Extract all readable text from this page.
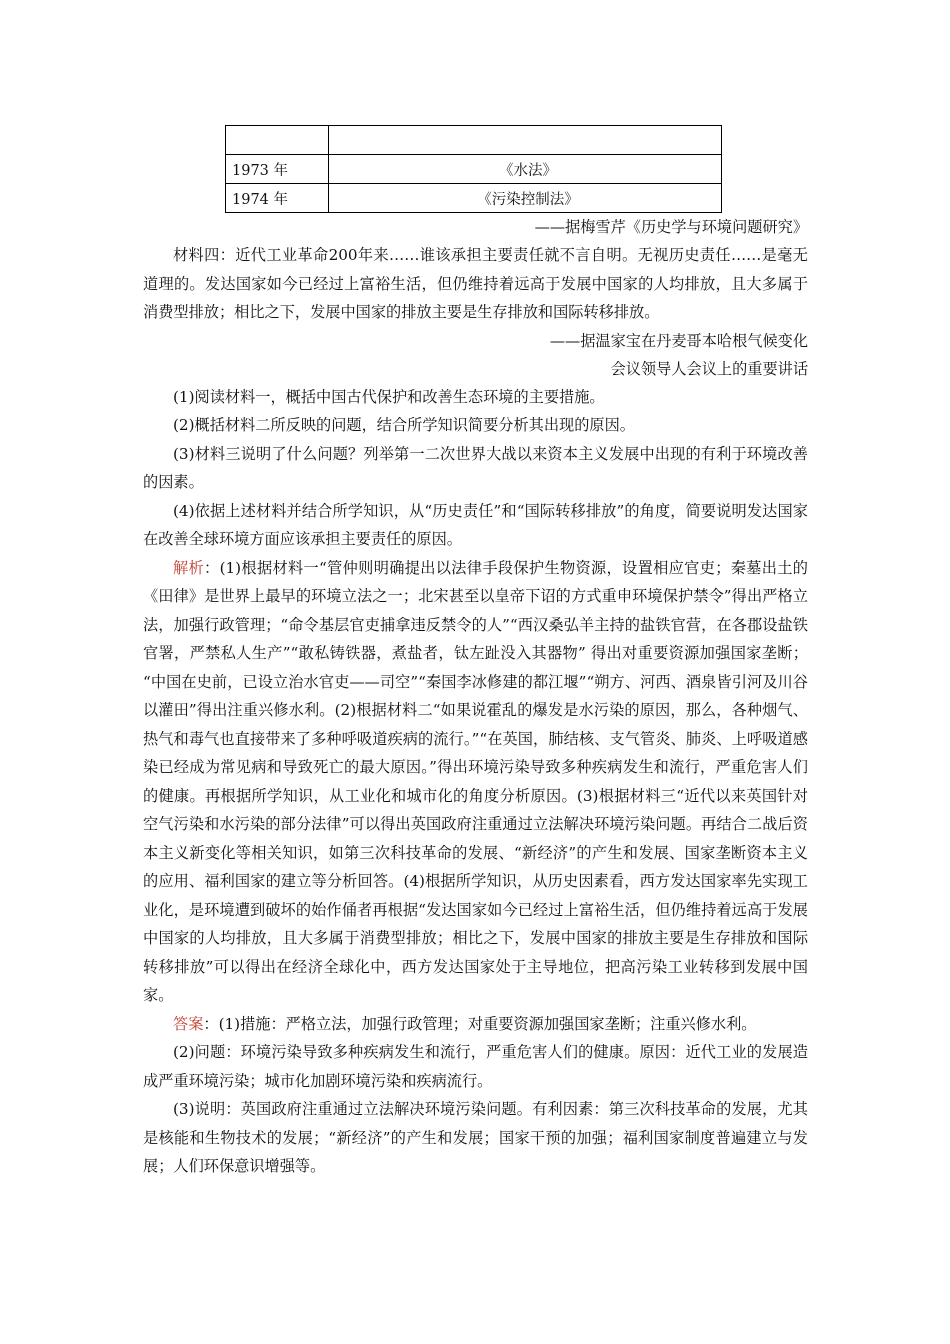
1973 年	《水法》
1974 年	《污染控制法》
——据梅雪芹《历史学与环境问题研究》

材料四：近代工业革命200年来……谁该承担主要责任就不言自明。无视历史责任……是毫无道理的。发达国家如今已经过上富裕生活，但仍维持着远高于发展中国家的人均排放，且大多属于消费型排放；相比之下，发展中国家的排放主要是生存排放和国际转移排放。

——据温家宝在丹麦哥本哈根气候变化
会议领导人会议上的重要讲话

(1)阅读材料一，概括中国古代保护和改善生态环境的主要措施。

(2)概括材料二所反映的问题，结合所学知识简要分析其出现的原因。

(3)材料三说明了什么问题？列举第一二次世界大战以来资本主义发展中出现的有利于环境改善的因素。

(4)依据上述材料并结合所学知识，从“历史责任”和“国际转移排放”的角度，简要说明发达国家在改善全球环境方面应该承担主要责任的原因。

解析：(1)根据材料一“管仲则明确提出以法律手段保护生物资源，设置相应官吏；秦墓出土的《田律》是世界上最早的环境立法之一；北宋甚至以皇帝下诏的方式重申环境保护禁令”得出严格立法，加强行政管理；“命令基层官吏捕拿违反禁令的人”“西汉桑弘羊主持的盐铁官营，在各郡设盐铁官署，严禁私人生产”“敢私铸铁器，煮盐者，钛左趾没入其器物” 得出对重要资源加强国家垄断； “中国在史前，已设立治水官吏——司空”“秦国李冰修建的都江堰”“朔方、河西、酒泉皆引河及川谷以灌田”得出注重兴修水利。(2)根据材料二“如果说霍乱的爆发是水污染的原因，那么，各种烟气、热气和毒气也直接带来了多种呼吸道疾病的流行。”“在英国，肺结核、支气管炎、肺炎、上呼吸道感染已经成为常见病和导致死亡的最大原因。”得出环境污染导致多种疾病发生和流行，严重危害人们的健康。再根据所学知识，从工业化和城市化的角度分析原因。(3)根据材料三“近代以来英国针对空气污染和水污染的部分法律”可以得出英国政府注重通过立法解决环境污染问题。再结合二战后资本主义新变化等相关知识，如第三次科技革命的发展、“新经济”的产生和发展、国家垄断资本主义的应用、福利国家的建立等分析回答。(4)根据所学知识，从历史因素看，西方发达国家率先实现工业化，是环境遭到破坏的始作俑者再根据“发达国家如今已经过上富裕生活，但仍维持着远高于发展中国家的人均排放，且大多属于消费型排放；相比之下，发展中国家的排放主要是生存排放和国际转移排放”可以得出在经济全球化中，西方发达国家处于主导地位，把高污染工业转移到发展中国家。

答案：(1)措施：严格立法，加强行政管理；对重要资源加强国家垄断；注重兴修水利。

(2)问题：环境污染导致多种疾病发生和流行，严重危害人们的健康。原因：近代工业的发展造成严重环境污染；城市化加剧环境污染和疾病流行。

(3)说明：英国政府注重通过立法解决环境污染问题。有利因素：第三次科技革命的发展，尤其是核能和生物技术的发展；“新经济”的产生和发展；国家干预的加强；福利国家制度普遍建立与发展；人们环保意识增强等。
